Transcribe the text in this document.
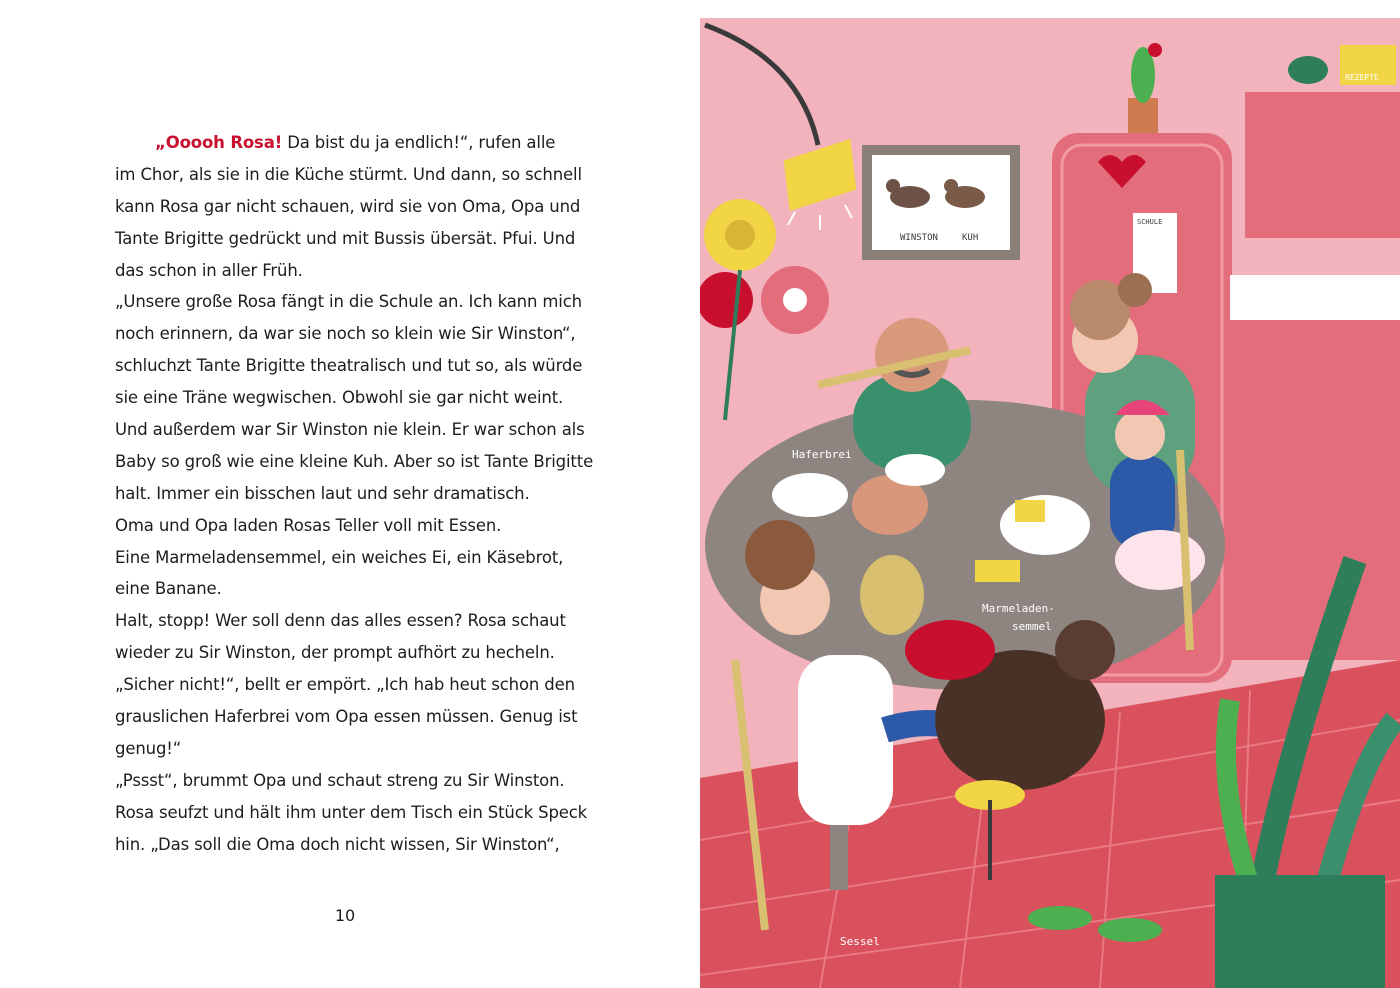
„Ooooh Rosa! Da bist du ja endlich!“, rufen alle
im Chor, als sie in die Küche stürmt. Und dann, so schnell
kann Rosa gar nicht schauen, wird sie von Oma, Opa und
Tante Brigitte gedrückt und mit Bussis übersät. Pfui. Und
das schon in aller Früh.
„Unsere große Rosa fängt in die Schule an. Ich kann mich
noch erinnern, da war sie noch so klein wie Sir Winston“,
schluchzt Tante Brigitte theatralisch und tut so, als würde
sie eine Träne wegwischen. Obwohl sie gar nicht weint.
Und außerdem war Sir Winston nie klein. Er war schon als
Baby so groß wie eine kleine Kuh. Aber so ist Tante Brigitte
halt. Immer ein bisschen laut und sehr dramatisch.
Oma und Opa laden Rosas Teller voll mit Essen.
Eine Marmeladensemmel, ein weiches Ei, ein Käsebrot,
eine Banane.
Halt, stopp! Wer soll denn das alles essen? Rosa schaut
wieder zu Sir Winston, der prompt aufhört zu hecheln.
„Sicher nicht!“, bellt er empört. „Ich hab heut schon den
grauslichen Haferbrei vom Opa essen müssen. Genug ist
genug!“
„Pssst“, brummt Opa und schaut streng zu Sir Winston.
Rosa seufzt und hält ihm unter dem Tisch ein Stück Speck
hin. „Das soll die Oma doch nicht wissen, Sir Winston“,
10
WINSTON	KUH
SCHULE
REZEPTE
Haferbrei
Marmeladen-
semmel
Sessel
